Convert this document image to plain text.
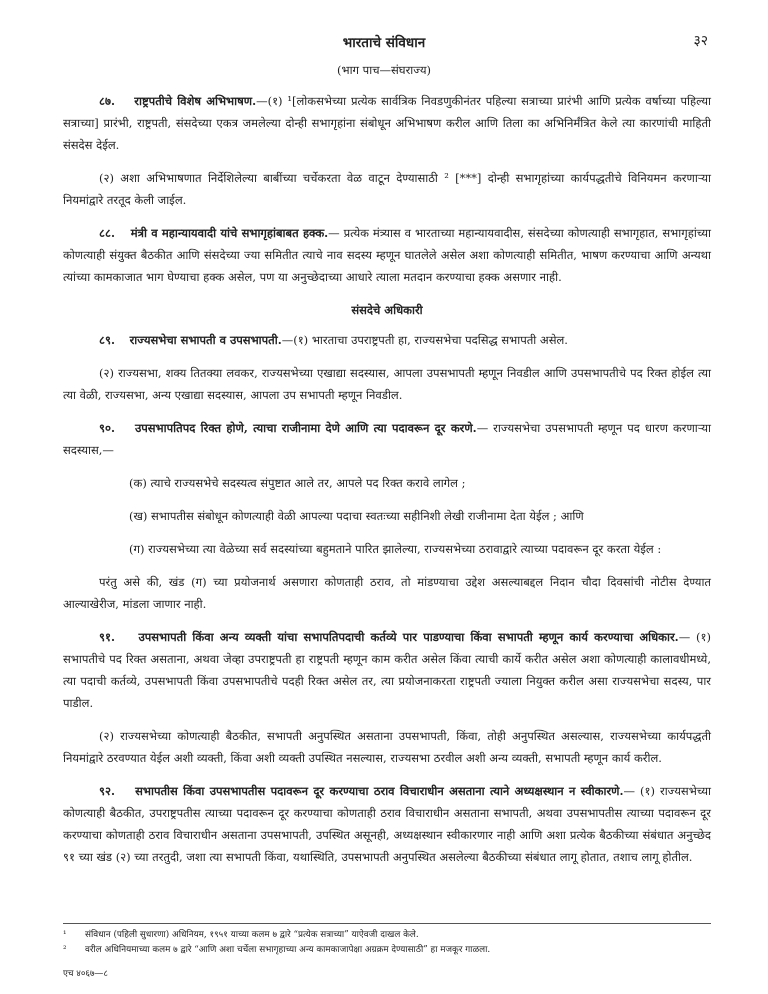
भारताचे संविधान	३२
(भाग पाच—संघराज्य)

८७. राष्ट्रपतीचे विशेष अभिभाषण.—(१) ¹[लोकसभेच्या प्रत्येक सार्वत्रिक निवडणुकीनंतर पहिल्या सत्राच्या प्रारंभी आणि प्रत्येक वर्षाच्या पहिल्या सत्राच्या] प्रारंभी, राष्ट्रपती, संसदेच्या एकत्र जमलेल्या दोन्ही सभागृहांना संबोधून अभिभाषण करील आणि तिला का अभिनिर्मंत्रित केले त्या कारणांची माहिती संसदेस देईल.

(२) अशा अभिभाषणात निर्देशिलेल्या बाबींच्या चर्चेकरता वेळ वाटून देण्यासाठी ² [***] दोन्ही सभागृहांच्या कार्यपद्धतीचे विनियमन करणाऱ्या नियमांद्वारे तरतूद केली जाईल.

८८. मंत्री व महान्यायवादी यांचे सभागृहांबाबत हक्क.— प्रत्येक मंत्र्यास व भारताच्या महान्यायवादीस, संसदेच्या कोणत्याही सभागृहात, सभागृहांच्या कोणत्याही संयुक्त बैठकीत आणि संसदेच्या ज्या समितीत त्याचे नाव सदस्य म्हणून घातलेले असेल अशा कोणत्याही समितीत, भाषण करण्याचा आणि अन्यथा त्यांच्या कामकाजात भाग घेण्याचा हक्क असेल, पण या अनुच्छेदाच्या आधारे त्याला मतदान करण्याचा हक्क असणार नाही.

संसदेचे अधिकारी

८९. राज्यसभेचा सभापती व उपसभापती.—(१) भारताचा उपराष्ट्रपती हा, राज्यसभेचा पदसिद्ध सभापती असेल.

(२) राज्यसभा, शक्य तितक्या लवकर, राज्यसभेच्या एखाद्या सदस्यास, आपला उपसभापती म्हणून निवडील आणि उपसभापतीचे पद रिक्त होईल त्या त्या वेळी, राज्यसभा, अन्य एखाद्या सदस्यास, आपला उप सभापती म्हणून निवडील.

९०. उपसभापतिपद रिक्त होणे, त्याचा राजीनामा देणे आणि त्या पदावरून दूर करणे.— राज्यसभेचा उपसभापती म्हणून पद धारण करणाऱ्या सदस्यास,—

(क) त्याचे राज्यसभेचे सदस्यत्व संपुष्टात आले तर, आपले पद रिक्त करावे लागेल ;

(ख) सभापतीस संबोधून कोणत्याही वेळी आपल्या पदाचा स्वतःच्या सहीनिशी लेखी राजीनामा देता येईल ; आणि

(ग) राज्यसभेच्या त्या वेळेच्या सर्व सदस्यांच्या बहुमताने पारित झालेल्या, राज्यसभेच्या ठरावाद्वारे त्याच्या पदावरून दूर करता येईल :

परंतु असे की, खंड (ग) च्या प्रयोजनार्थ असणारा कोणताही ठराव, तो मांडण्याचा उद्देश असल्याबद्दल निदान चौदा दिवसांची नोटीस देण्यात आल्याखेरीज, मांडला जाणार नाही.

९१. उपसभापती किंवा अन्य व्यक्ती यांचा सभापतिपदाची कर्तव्ये पार पाडण्याचा किंवा सभापती म्हणून कार्य करण्याचा अधिकार.— (१) सभापतीचे पद रिक्त असताना, अथवा जेव्हा उपराष्ट्रपती हा राष्ट्रपती म्हणून काम करीत असेल किंवा त्याची कार्ये करीत असेल अशा कोणत्याही कालावधीमध्ये, त्या पदाची कर्तव्ये, उपसभापती किंवा उपसभापतीचे पदही रिक्त असेल तर, त्या प्रयोजनाकरता राष्ट्रपती ज्याला नियुक्त करील असा राज्यसभेचा सदस्य, पार पाडील.

(२) राज्यसभेच्या कोणत्याही बैठकीत, सभापती अनुपस्थित असताना उपसभापती, किंवा, तोही अनुपस्थित असल्यास, राज्यसभेच्या कार्यपद्धती नियमांद्वारे ठरवण्यात येईल अशी व्यक्ती, किंवा अशी व्यक्ती उपस्थित नसल्यास, राज्यसभा ठरवील अशी अन्य व्यक्ती, सभापती म्हणून कार्य करील.

९२. सभापतीस किंवा उपसभापतीस पदावरून दूर करण्याचा ठराव विचाराधीन असताना त्याने अध्यक्षस्थान न स्वीकारणे.— (१) राज्यसभेच्या कोणत्याही बैठकीत, उपराष्ट्रपतीस त्याच्या पदावरून दूर करण्याचा कोणताही ठराव विचाराधीन असताना सभापती, अथवा उपसभापतीस त्याच्या पदावरून दूर करण्याचा कोणताही ठराव विचाराधीन असताना उपसभापती, उपस्थित असूनही, अध्यक्षस्थान स्वीकारणार नाही आणि अशा प्रत्येक बैठकीच्या संबंधात अनुच्छेद ९१ च्या खंड (२) च्या तरतुदी, जशा त्या सभापती किंवा, यथास्थिति, उपसभापती अनुपस्थित असलेल्या बैठकीच्या संबंधात लागू होतात, तशाच लागू होतील.

¹ संविधान (पहिली सुधारणा) अधिनियम, १९५१ याच्या कलम ७ द्वारे “प्रत्येक सत्राच्या” याऐवजी दाखल केले.

² वरील अधिनियमाच्या कलम ७ द्वारे “आणि अशा चर्चेला सभागृहाच्या अन्य कामकाजापेक्षा अग्रक्रम देण्यासाठी” हा मजकूर गाळला.

एच ४०६७—८
